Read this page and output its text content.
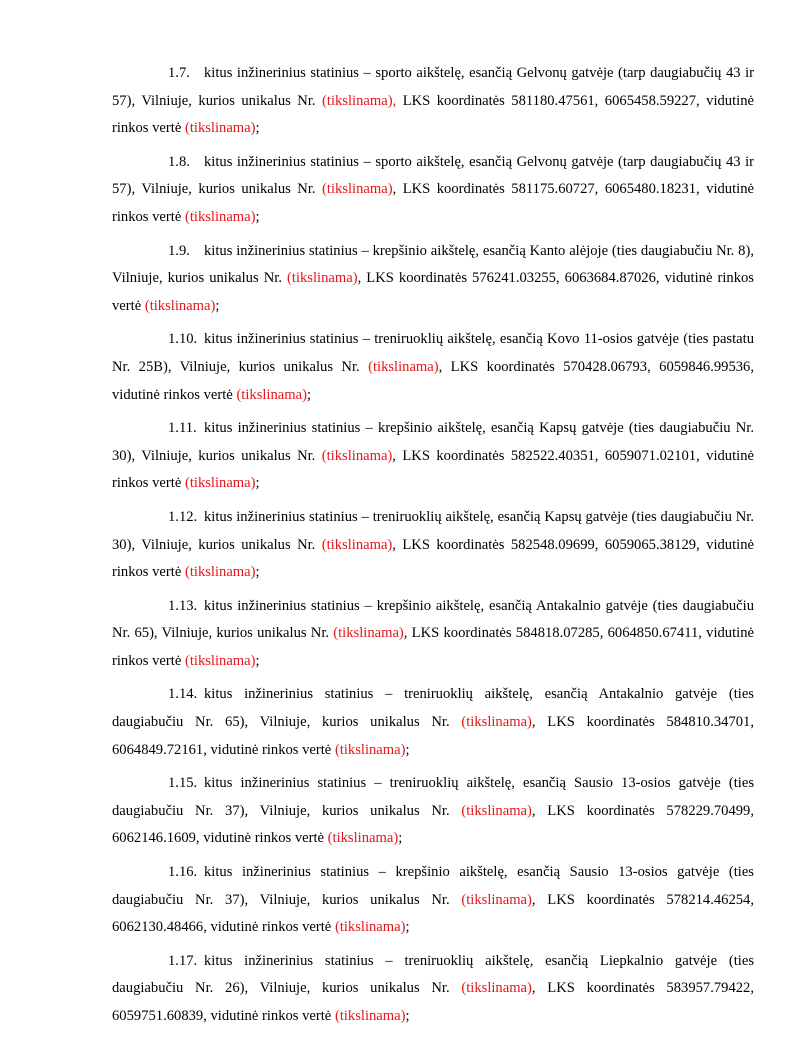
1.7. kitus inžinerinius statinius – sporto aikštelę, esančią Gelvonų gatvėje (tarp daugiabučių 43 ir 57), Vilniuje, kurios unikalus Nr. (tikslinama), LKS koordinatės 581180.47561, 6065458.59227, vidutinė rinkos vertė (tikslinama);

1.8. kitus inžinerinius statinius – sporto aikštelę, esančią Gelvonų gatvėje (tarp daugiabučių 43 ir 57), Vilniuje, kurios unikalus Nr. (tikslinama), LKS koordinatės 581175.60727, 6065480.18231, vidutinė rinkos vertė (tikslinama);

1.9. kitus inžinerinius statinius – krepšinio aikštelę, esančią Kanto alėjoje (ties daugiabučiu Nr. 8), Vilniuje, kurios unikalus Nr. (tikslinama), LKS koordinatės 576241.03255, 6063684.87026, vidutinė rinkos vertė (tikslinama);

1.10. kitus inžinerinius statinius – treniruoklių aikštelę, esančią Kovo 11-osios gatvėje (ties pastatu Nr. 25B), Vilniuje, kurios unikalus Nr. (tikslinama), LKS koordinatės 570428.06793, 6059846.99536, vidutinė rinkos vertė (tikslinama);

1.11. kitus inžinerinius statinius – krepšinio aikštelę, esančią Kapsų gatvėje (ties daugiabučiu Nr. 30), Vilniuje, kurios unikalus Nr. (tikslinama), LKS koordinatės 582522.40351, 6059071.02101, vidutinė rinkos vertė (tikslinama);

1.12. kitus inžinerinius statinius – treniruoklių aikštelę, esančią Kapsų gatvėje (ties daugiabučiu Nr. 30), Vilniuje, kurios unikalus Nr. (tikslinama), LKS koordinatės 582548.09699, 6059065.38129, vidutinė rinkos vertė (tikslinama);

1.13. kitus inžinerinius statinius – krepšinio aikštelę, esančią Antakalnio gatvėje (ties daugiabučiu Nr. 65), Vilniuje, kurios unikalus Nr. (tikslinama), LKS koordinatės 584818.07285, 6064850.67411, vidutinė rinkos vertė (tikslinama);

1.14. kitus inžinerinius statinius – treniruoklių aikštelę, esančią Antakalnio gatvėje (ties daugiabučiu Nr. 65), Vilniuje, kurios unikalus Nr. (tikslinama), LKS koordinatės 584810.34701, 6064849.72161, vidutinė rinkos vertė (tikslinama);

1.15. kitus inžinerinius statinius – treniruoklių aikštelę, esančią Sausio 13-osios gatvėje (ties daugiabučiu Nr. 37), Vilniuje, kurios unikalus Nr. (tikslinama), LKS koordinatės 578229.70499, 6062146.1609, vidutinė rinkos vertė (tikslinama);

1.16. kitus inžinerinius statinius – krepšinio aikštelę, esančią Sausio 13-osios gatvėje (ties daugiabučiu Nr. 37), Vilniuje, kurios unikalus Nr. (tikslinama), LKS koordinatės 578214.46254, 6062130.48466, vidutinė rinkos vertė (tikslinama);

1.17. kitus inžinerinius statinius – treniruoklių aikštelę, esančią Liepkalnio gatvėje (ties daugiabučiu Nr. 26), Vilniuje, kurios unikalus Nr. (tikslinama), LKS koordinatės 583957.79422, 6059751.60839, vidutinė rinkos vertė (tikslinama);
